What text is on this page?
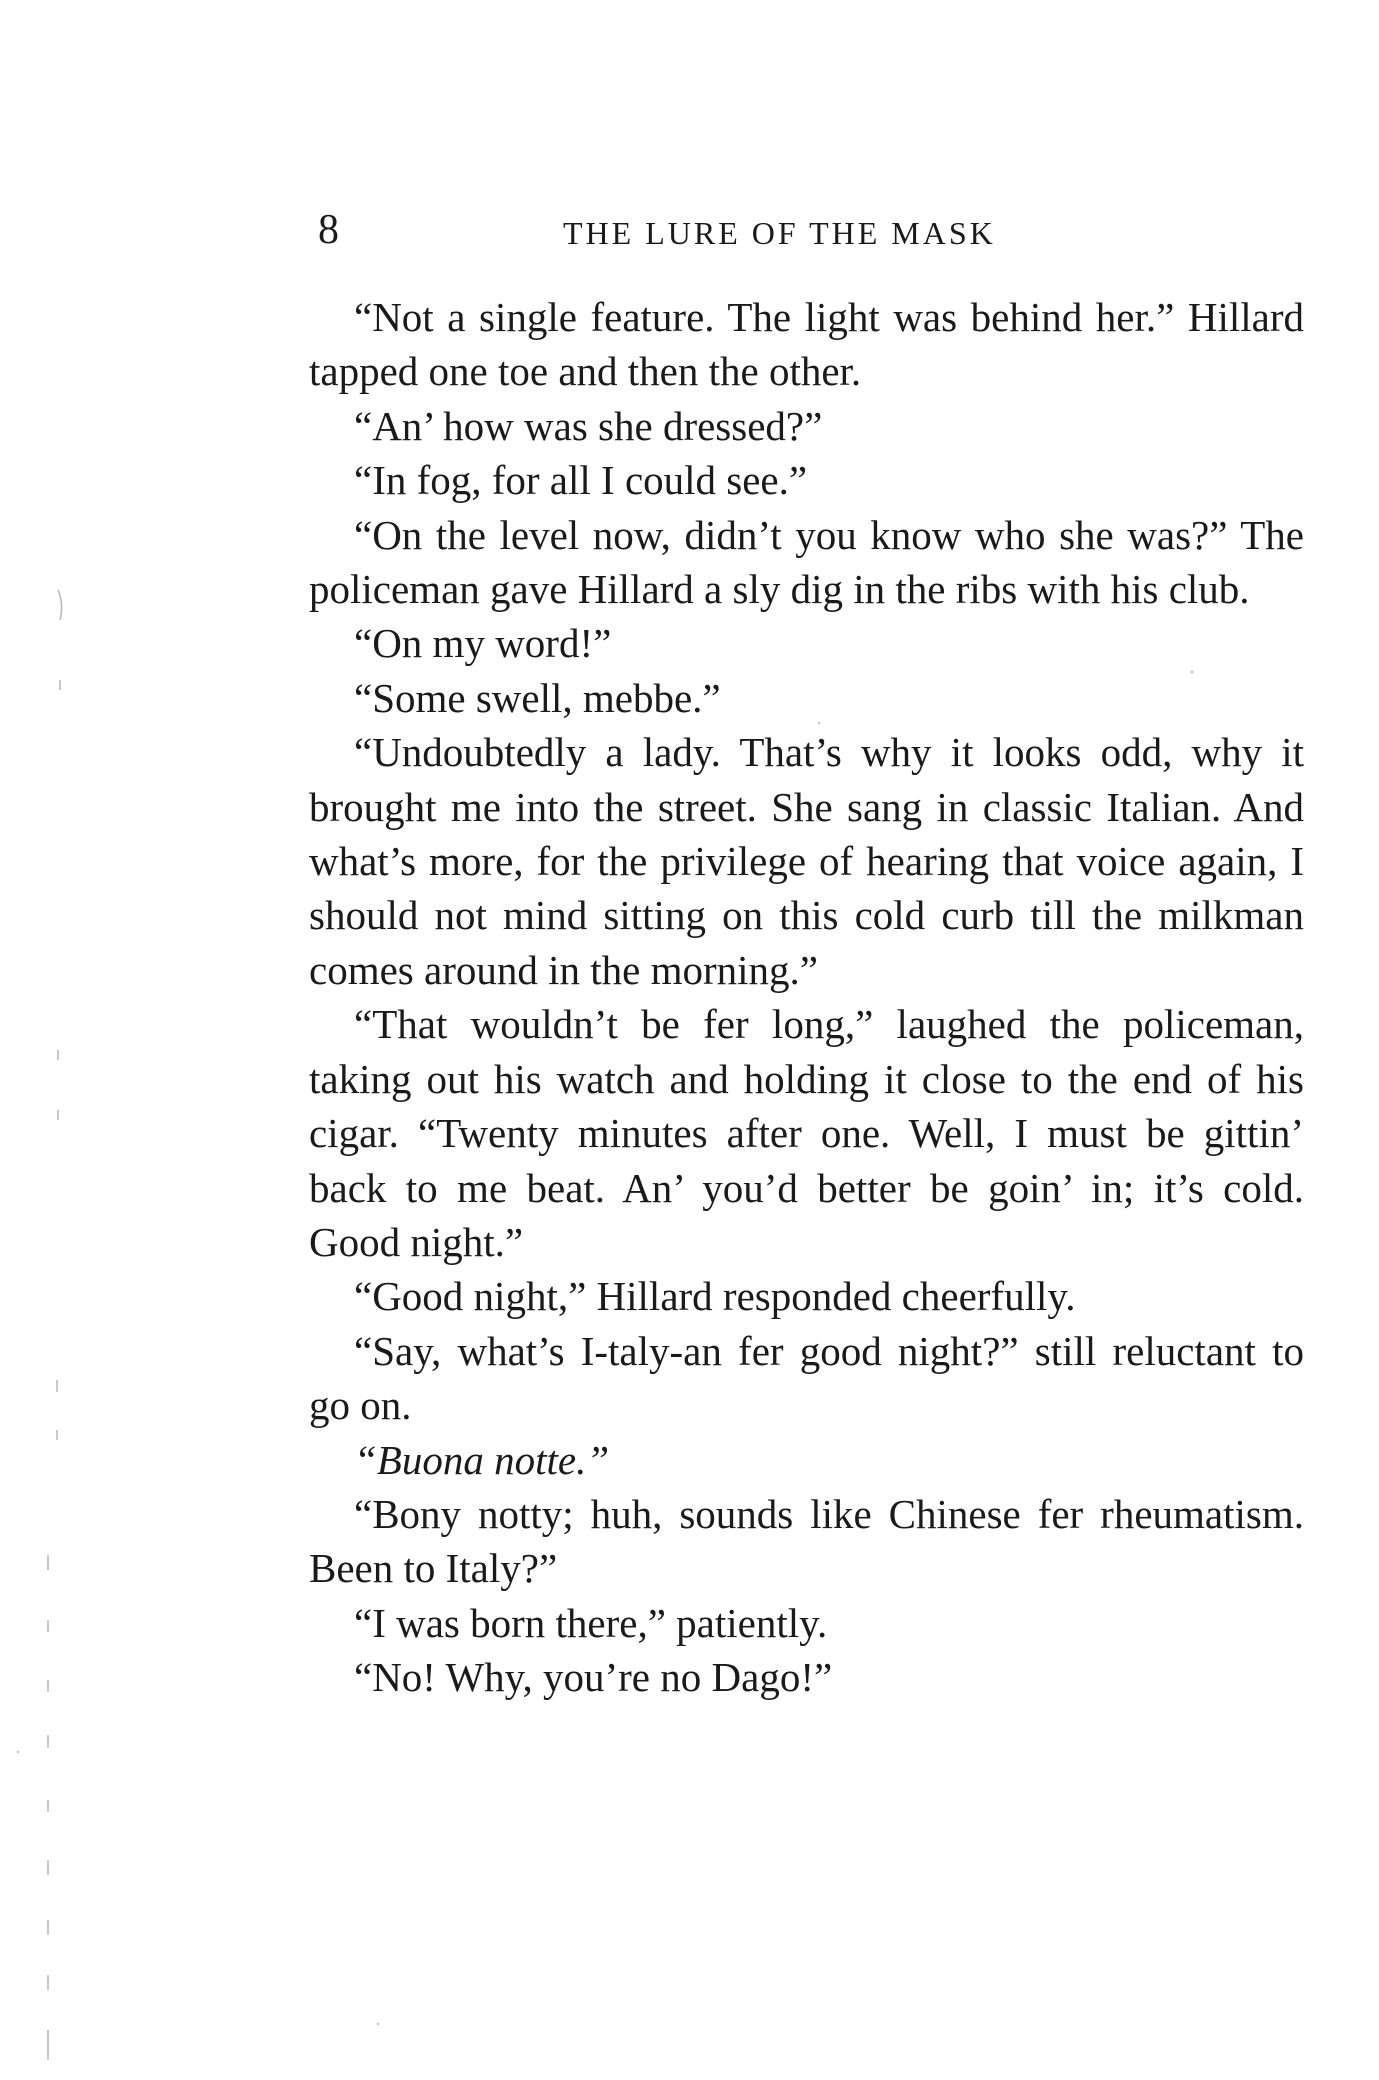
8	THE LURE OF THE MASK

“Not a single feature. The light was behind her.” Hillard tapped one toe and then the other.

“An’ how was she dressed?”

“In fog, for all I could see.”

“On the level now, didn’t you know who she was?” The policeman gave Hillard a sly dig in the ribs with his club.

“On my word!”

“Some swell, mebbe.”

“Undoubtedly a lady. That’s why it looks odd, why it brought me into the street. She sang in classic Italian. And what’s more, for the privilege of hearing that voice again, I should not mind sitting on this cold curb till the milkman comes around in the morning.”

“That wouldn’t be fer long,” laughed the policeman, taking out his watch and holding it close to the end of his cigar. “Twenty minutes after one. Well, I must be gittin’ back to me beat. An’ you’d better be goin’ in; it’s cold. Good night.”

“Good night,” Hillard responded cheerfully.

“Say, what’s I-taly-an fer good night?” still reluctant to go on.

“Buona notte.”

“Bony notty; huh, sounds like Chinese fer rheumatism. Been to Italy?”

“I was born there,” patiently.

“No! Why, you’re no Dago!”
